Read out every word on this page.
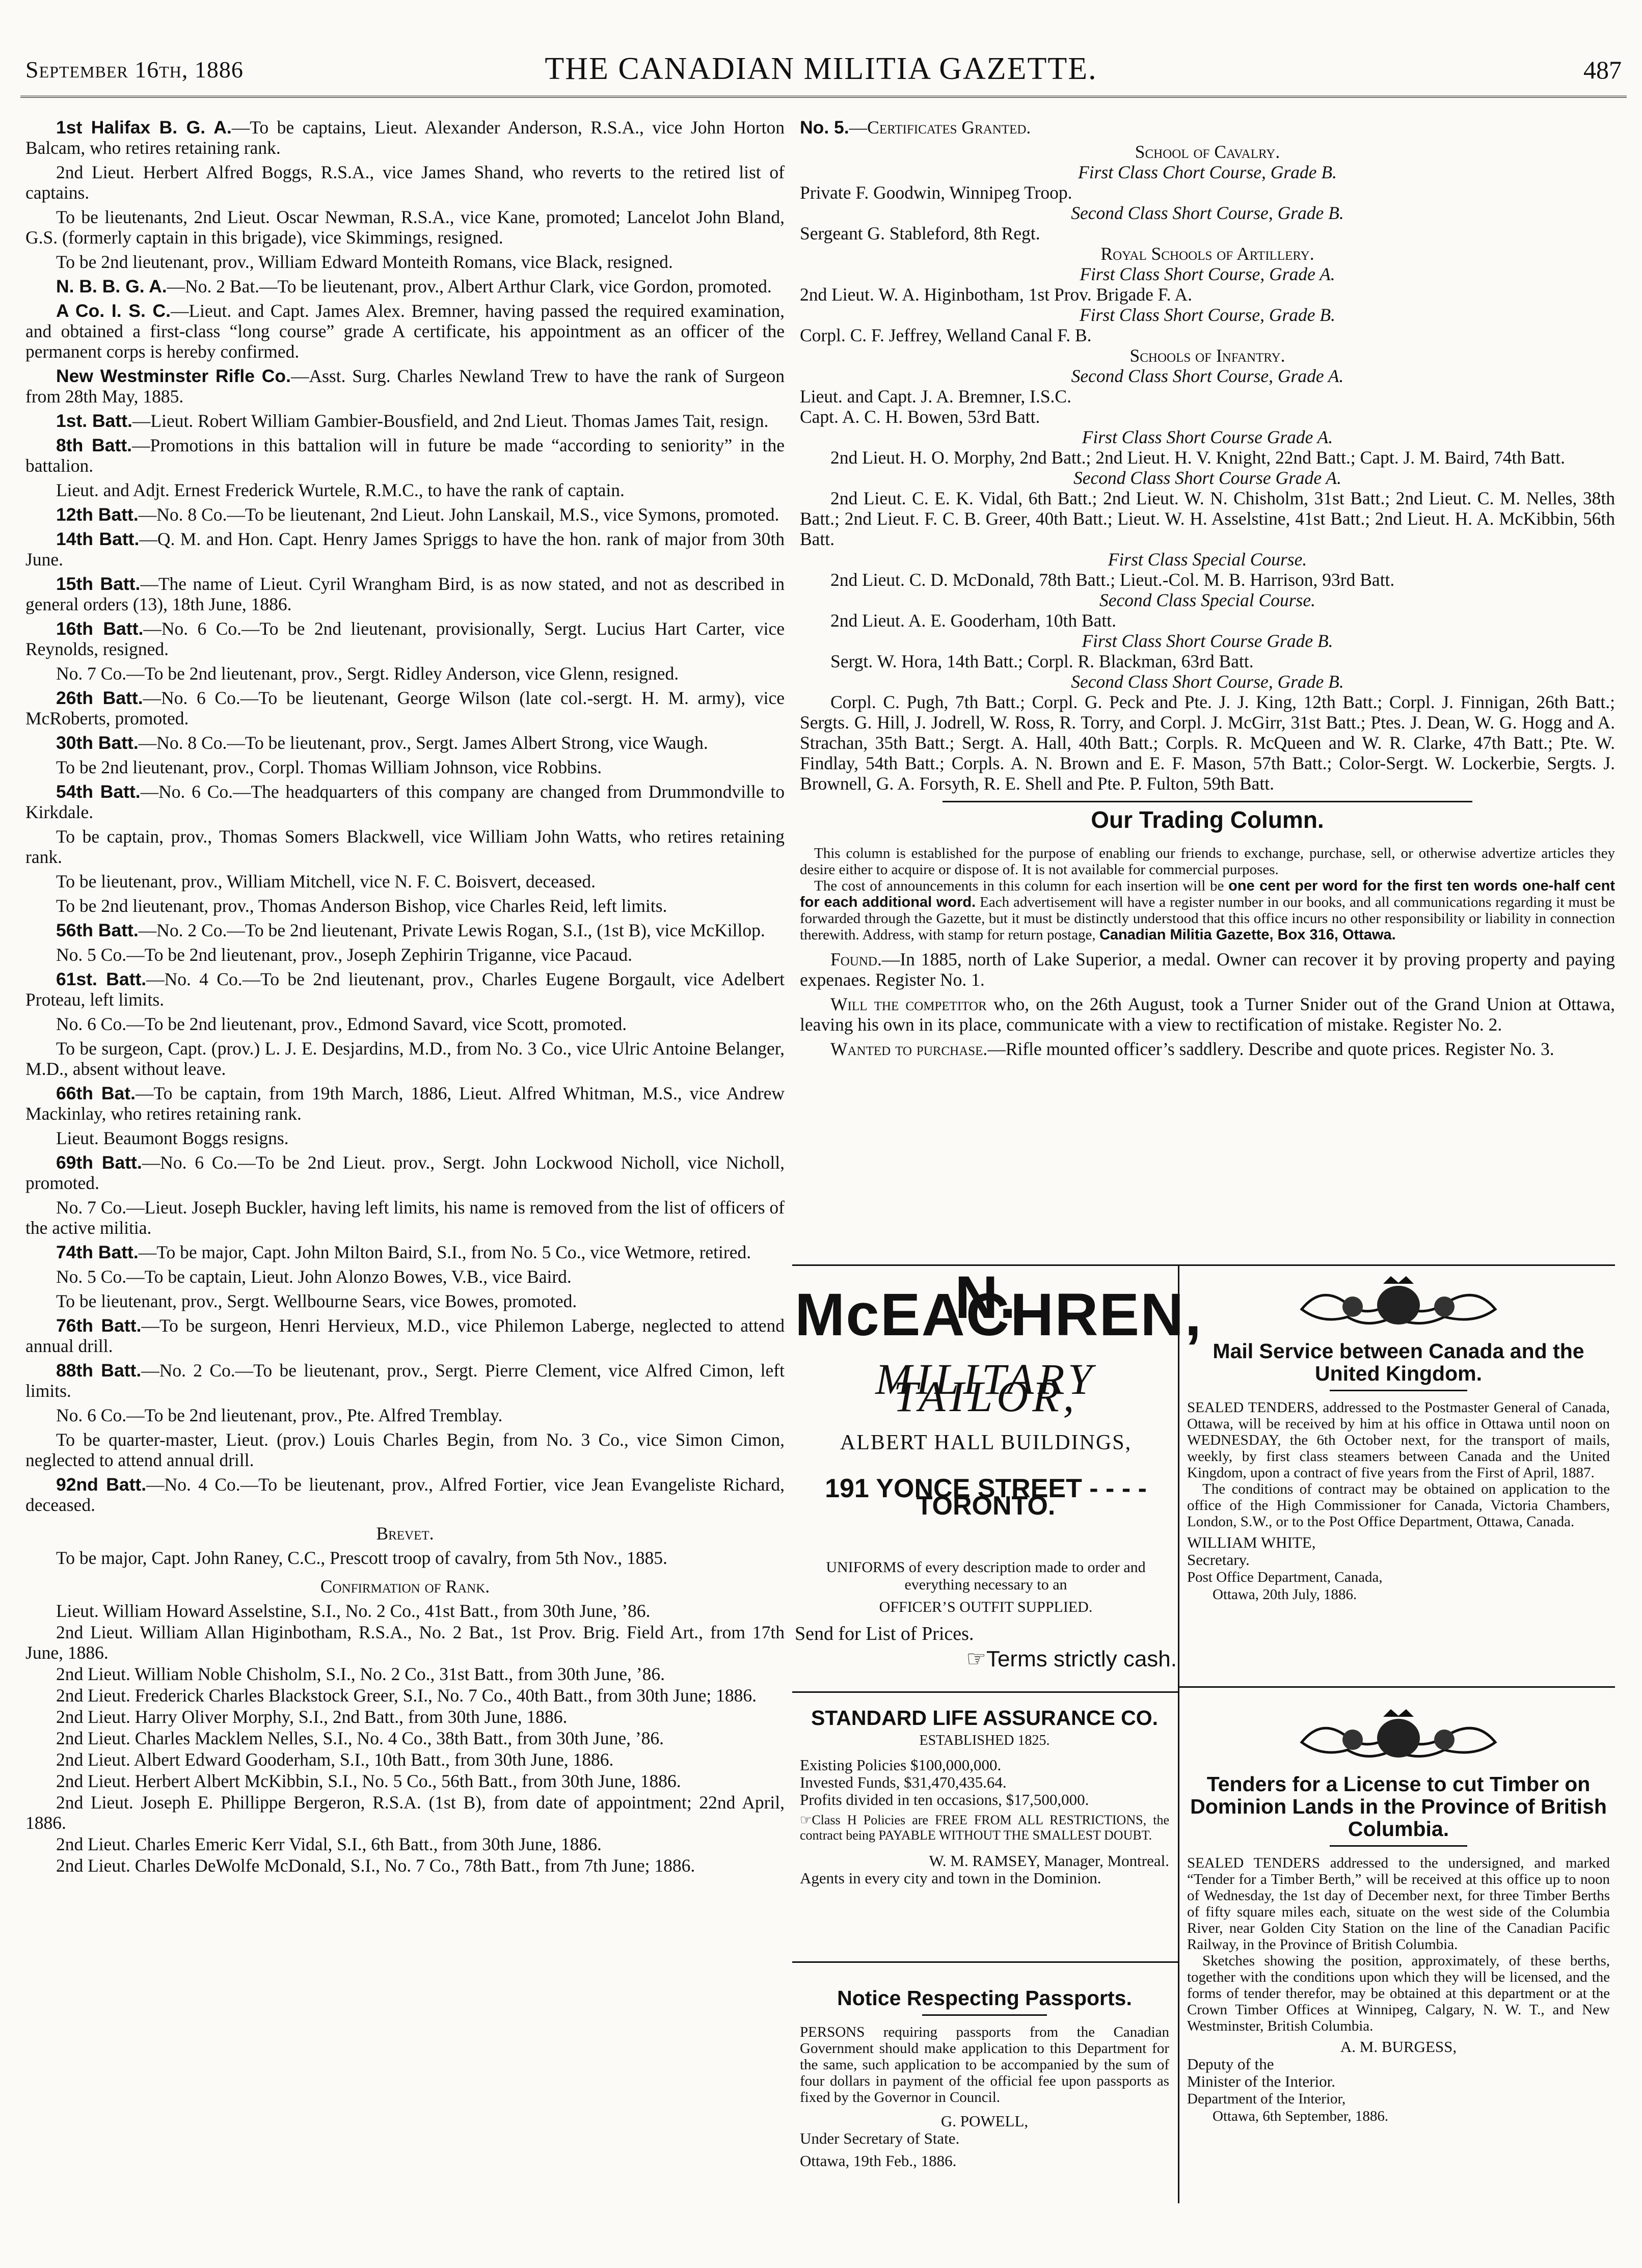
September 16th, 1886	THE CANADIAN MILITIA GAZETTE.	487

1st Halifax B. G. A.—To be captains, Lieut. Alexander Anderson, R.S.A., vice John Horton Balcam, who retires retaining rank.

2nd Lieut. Herbert Alfred Boggs, R.S.A., vice James Shand, who reverts to the retired list of captains.

To be lieutenants, 2nd Lieut. Oscar Newman, R.S.A., vice Kane, promoted; Lancelot John Bland, G.S. (formerly captain in this brigade), vice Skimmings, resigned.

To be 2nd lieutenant, prov., William Edward Monteith Romans, vice Black, resigned.

N. B. B. G. A.—No. 2 Bat.—To be lieutenant, prov., Albert Arthur Clark, vice Gordon, promoted.

A Co. I. S. C.—Lieut. and Capt. James Alex. Bremner, having passed the required examination, and obtained a first-class “long course” grade A certificate, his appointment as an officer of the permanent corps is hereby confirmed.

New Westminster Rifle Co.—Asst. Surg. Charles Newland Trew to have the rank of Surgeon from 28th May, 1885.

1st. Batt.—Lieut. Robert William Gambier-Bousfield, and 2nd Lieut. Thomas James Tait, resign.

8th Batt.—Promotions in this battalion will in future be made “according to seniority” in the battalion.

Lieut. and Adjt. Ernest Frederick Wurtele, R.M.C., to have the rank of captain.

12th Batt.—No. 8 Co.—To be lieutenant, 2nd Lieut. John Lanskail, M.S., vice Symons, promoted.

14th Batt.—Q. M. and Hon. Capt. Henry James Spriggs to have the hon. rank of major from 30th June.

15th Batt.—The name of Lieut. Cyril Wrangham Bird, is as now stated, and not as described in general orders (13), 18th June, 1886.

16th Batt.—No. 6 Co.—To be 2nd lieutenant, provisionally, Sergt. Lucius Hart Carter, vice Reynolds, resigned.

No. 7 Co.—To be 2nd lieutenant, prov., Sergt. Ridley Anderson, vice Glenn, resigned.

26th Batt.—No. 6 Co.—To be lieutenant, George Wilson (late col.-sergt. H. M. army), vice McRoberts, promoted.

30th Batt.—No. 8 Co.—To be lieutenant, prov., Sergt. James Albert Strong, vice Waugh.

To be 2nd lieutenant, prov., Corpl. Thomas William Johnson, vice Robbins.

54th Batt.—No. 6 Co.—The headquarters of this company are changed from Drummondville to Kirkdale.

To be captain, prov., Thomas Somers Blackwell, vice William John Watts, who retires retaining rank.

To be lieutenant, prov., William Mitchell, vice N. F. C. Boisvert, deceased.

To be 2nd lieutenant, prov., Thomas Anderson Bishop, vice Charles Reid, left limits.

56th Batt.—No. 2 Co.—To be 2nd lieutenant, Private Lewis Rogan, S.I., (1st B), vice McKillop.

No. 5 Co.—To be 2nd lieutenant, prov., Joseph Zephirin Triganne, vice Pacaud.

61st. Batt.—No. 4 Co.—To be 2nd lieutenant, prov., Charles Eugene Borgault, vice Adelbert Proteau, left limits.

No. 6 Co.—To be 2nd lieutenant, prov., Edmond Savard, vice Scott, promoted.

To be surgeon, Capt. (prov.) L. J. E. Desjardins, M.D., from No. 3 Co., vice Ulric Antoine Belanger, M.D., absent without leave.

66th Bat.—To be captain, from 19th March, 1886, Lieut. Alfred Whitman, M.S., vice Andrew Mackinlay, who retires retaining rank.

Lieut. Beaumont Boggs resigns.

69th Batt.—No. 6 Co.—To be 2nd Lieut. prov., Sergt. John Lockwood Nicholl, vice Nicholl, promoted.

No. 7 Co.—Lieut. Joseph Buckler, having left limits, his name is removed from the list of officers of the active militia.

74th Batt.—To be major, Capt. John Milton Baird, S.I., from No. 5 Co., vice Wetmore, retired.

No. 5 Co.—To be captain, Lieut. John Alonzo Bowes, V.B., vice Baird.

To be lieutenant, prov., Sergt. Wellbourne Sears, vice Bowes, promoted.

76th Batt.—To be surgeon, Henri Hervieux, M.D., vice Philemon Laberge, neglected to attend annual drill.

88th Batt.—No. 2 Co.—To be lieutenant, prov., Sergt. Pierre Clement, vice Alfred Cimon, left limits.

No. 6 Co.—To be 2nd lieutenant, prov., Pte. Alfred Tremblay.

To be quarter-master, Lieut. (prov.) Louis Charles Begin, from No. 3 Co., vice Simon Cimon, neglected to attend annual drill.

92nd Batt.—No. 4 Co.—To be lieutenant, prov., Alfred Fortier, vice Jean Evangeliste Richard, deceased.

Brevet.

To be major, Capt. John Raney, C.C., Prescott troop of cavalry, from 5th Nov., 1885.

Confirmation of Rank.

Lieut. William Howard Asselstine, S.I., No. 2 Co., 41st Batt., from 30th June, ’86.

2nd Lieut. William Allan Higinbotham, R.S.A., No. 2 Bat., 1st Prov. Brig. Field Art., from 17th June, 1886.

2nd Lieut. William Noble Chisholm, S.I., No. 2 Co., 31st Batt., from 30th June, ’86.

2nd Lieut. Frederick Charles Blackstock Greer, S.I., No. 7 Co., 40th Batt., from 30th June; 1886.

2nd Lieut. Harry Oliver Morphy, S.I., 2nd Batt., from 30th June, 1886.

2nd Lieut. Charles Macklem Nelles, S.I., No. 4 Co., 38th Batt., from 30th June, ’86.

2nd Lieut. Albert Edward Gooderham, S.I., 10th Batt., from 30th June, 1886.

2nd Lieut. Herbert Albert McKibbin, S.I., No. 5 Co., 56th Batt., from 30th June, 1886.

2nd Lieut. Joseph E. Phillippe Bergeron, R.S.A. (1st B), from date of appointment; 22nd April, 1886.

2nd Lieut. Charles Emeric Kerr Vidal, S.I., 6th Batt., from 30th June, 1886.

2nd Lieut. Charles DeWolfe McDonald, S.I., No. 7 Co., 78th Batt., from 7th June; 1886.

No. 5.—Certificates Granted.

School of Cavalry.

First Class Chort Course, Grade B.

Private F. Goodwin, Winnipeg Troop.

Second Class Short Course, Grade B.

Sergeant G. Stableford, 8th Regt.

Royal Schools of Artillery.

First Class Short Course, Grade A.

2nd Lieut. W. A. Higinbotham, 1st Prov. Brigade F. A.

First Class Short Course, Grade B.

Corpl. C. F. Jeffrey, Welland Canal F. B.

Schools of Infantry.

Second Class Short Course, Grade A.

Lieut. and Capt. J. A. Bremner, I.S.C.

Capt. A. C. H. Bowen, 53rd Batt.

First Class Short Course Grade A.

2nd Lieut. H. O. Morphy, 2nd Batt.; 2nd Lieut. H. V. Knight, 22nd Batt.; Capt. J. M. Baird, 74th Batt.

Second Class Short Course Grade A.

2nd Lieut. C. E. K. Vidal, 6th Batt.; 2nd Lieut. W. N. Chisholm, 31st Batt.; 2nd Lieut. C. M. Nelles, 38th Batt.; 2nd Lieut. F. C. B. Greer, 40th Batt.; Lieut. W. H. Asselstine, 41st Batt.; 2nd Lieut. H. A. McKibbin, 56th Batt.

First Class Special Course.

2nd Lieut. C. D. McDonald, 78th Batt.; Lieut.-Col. M. B. Harrison, 93rd Batt.

Second Class Special Course.

2nd Lieut. A. E. Gooderham, 10th Batt.

First Class Short Course Grade B.

Sergt. W. Hora, 14th Batt.; Corpl. R. Blackman, 63rd Batt.

Second Class Short Course, Grade B.

Corpl. C. Pugh, 7th Batt.; Corpl. G. Peck and Pte. J. J. King, 12th Batt.; Corpl. J. Finnigan, 26th Batt.; Sergts. G. Hill, J. Jodrell, W. Ross, R. Torry, and Corpl. J. McGirr, 31st Batt.; Ptes. J. Dean, W. G. Hogg and A. Strachan, 35th Batt.; Sergt. A. Hall, 40th Batt.; Corpls. R. McQueen and W. R. Clarke, 47th Batt.; Pte. W. Findlay, 54th Batt.; Corpls. A. N. Brown and E. F. Mason, 57th Batt.; Color-Sergt. W. Lockerbie, Sergts. J. Brownell, G. A. Forsyth, R. E. Shell and Pte. P. Fulton, 59th Batt.

Our Trading Column.

This column is established for the purpose of enabling our friends to exchange, purchase, sell, or otherwise advertize articles they desire either to acquire or dispose of. It is not available for commercial purposes.

The cost of announcements in this column for each insertion will be one cent per word for the first ten words one-half cent for each additional word. Each advertisement will have a register number in our books, and all communications regarding it must be forwarded through the Gazette, but it must be distinctly understood that this office incurs no other responsibility or liability in connection therewith. Address, with stamp for return postage, Canadian Militia Gazette, Box 316, Ottawa.

Found.—In 1885, north of Lake Superior, a medal. Owner can recover it by proving property and paying expenaes. Register No. 1.

Will the competitor who, on the 26th August, took a Turner Snider out of the Grand Union at Ottawa, leaving his own in its place, communicate with a view to rectification of mistake. Register No. 2.

Wanted to purchase.—Rifle mounted officer’s saddlery. Describe and quote prices. Register No. 3.

N. McEACHREN,
MILITARY TAILOR,
ALBERT HALL BUILDINGS,
191 YONCE STREET - - - - TORONTO.
UNIFORMS of every description made to order and everything necessary to an
OFFICER’S OUTFIT SUPPLIED.
Send for List of Prices.
☞Terms strictly cash.
STANDARD LIFE ASSURANCE CO.
ESTABLISHED 1825.

Existing Policies $100,000,000.

Invested Funds, $31,470,435.64.

Profits divided in ten occasions, $17,500,000.

☞Class H Policies are FREE FROM ALL RESTRICTIONS, the contract being PAYABLE WITHOUT THE SMALLEST DOUBT.

W. M. RAMSEY, Manager, Montreal.

Agents in every city and town in the Dominion.

Notice Respecting Passports.

PERSONS requiring passports from the Canadian Government should make application to this Department for the same, such application to be accompanied by the sum of four dollars in payment of the official fee upon passports as fixed by the Governor in Council.

G. POWELL,

Under Secretary of State.

Ottawa, 19th Feb., 1886.

Mail Service between Canada and the United Kingdom.

SEALED TENDERS, addressed to the Postmaster General of Canada, Ottawa, will be received by him at his office in Ottawa until noon on WEDNESDAY, the 6th October next, for the transport of mails, weekly, by first class steamers between Canada and the United Kingdom, upon a contract of five years from the First of April, 1887.

The conditions of contract may be obtained on application to the office of the High Commissioner for Canada, Victoria Chambers, London, S.W., or to the Post Office Department, Ottawa, Canada.

WILLIAM WHITE,

Secretary.

Post Office Department, Canada,

Ottawa, 20th July, 1886.

Tenders for a License to cut Timber on Dominion Lands in the Province of British Columbia.

SEALED TENDERS addressed to the undersigned, and marked “Tender for a Timber Berth,” will be received at this office up to noon of Wednesday, the 1st day of December next, for three Timber Berths of fifty square miles each, situate on the west side of the Columbia River, near Golden City Station on the line of the Canadian Pacific Railway, in the Province of British Columbia.

Sketches showing the position, approximately, of these berths, together with the conditions upon which they will be licensed, and the forms of tender therefor, may be obtained at this department or at the Crown Timber Offices at Winnipeg, Calgary, N. W. T., and New Westminster, British Columbia.

A. M. BURGESS,

Deputy of the

Minister of the Interior.

Department of the Interior,

Ottawa, 6th September, 1886.
